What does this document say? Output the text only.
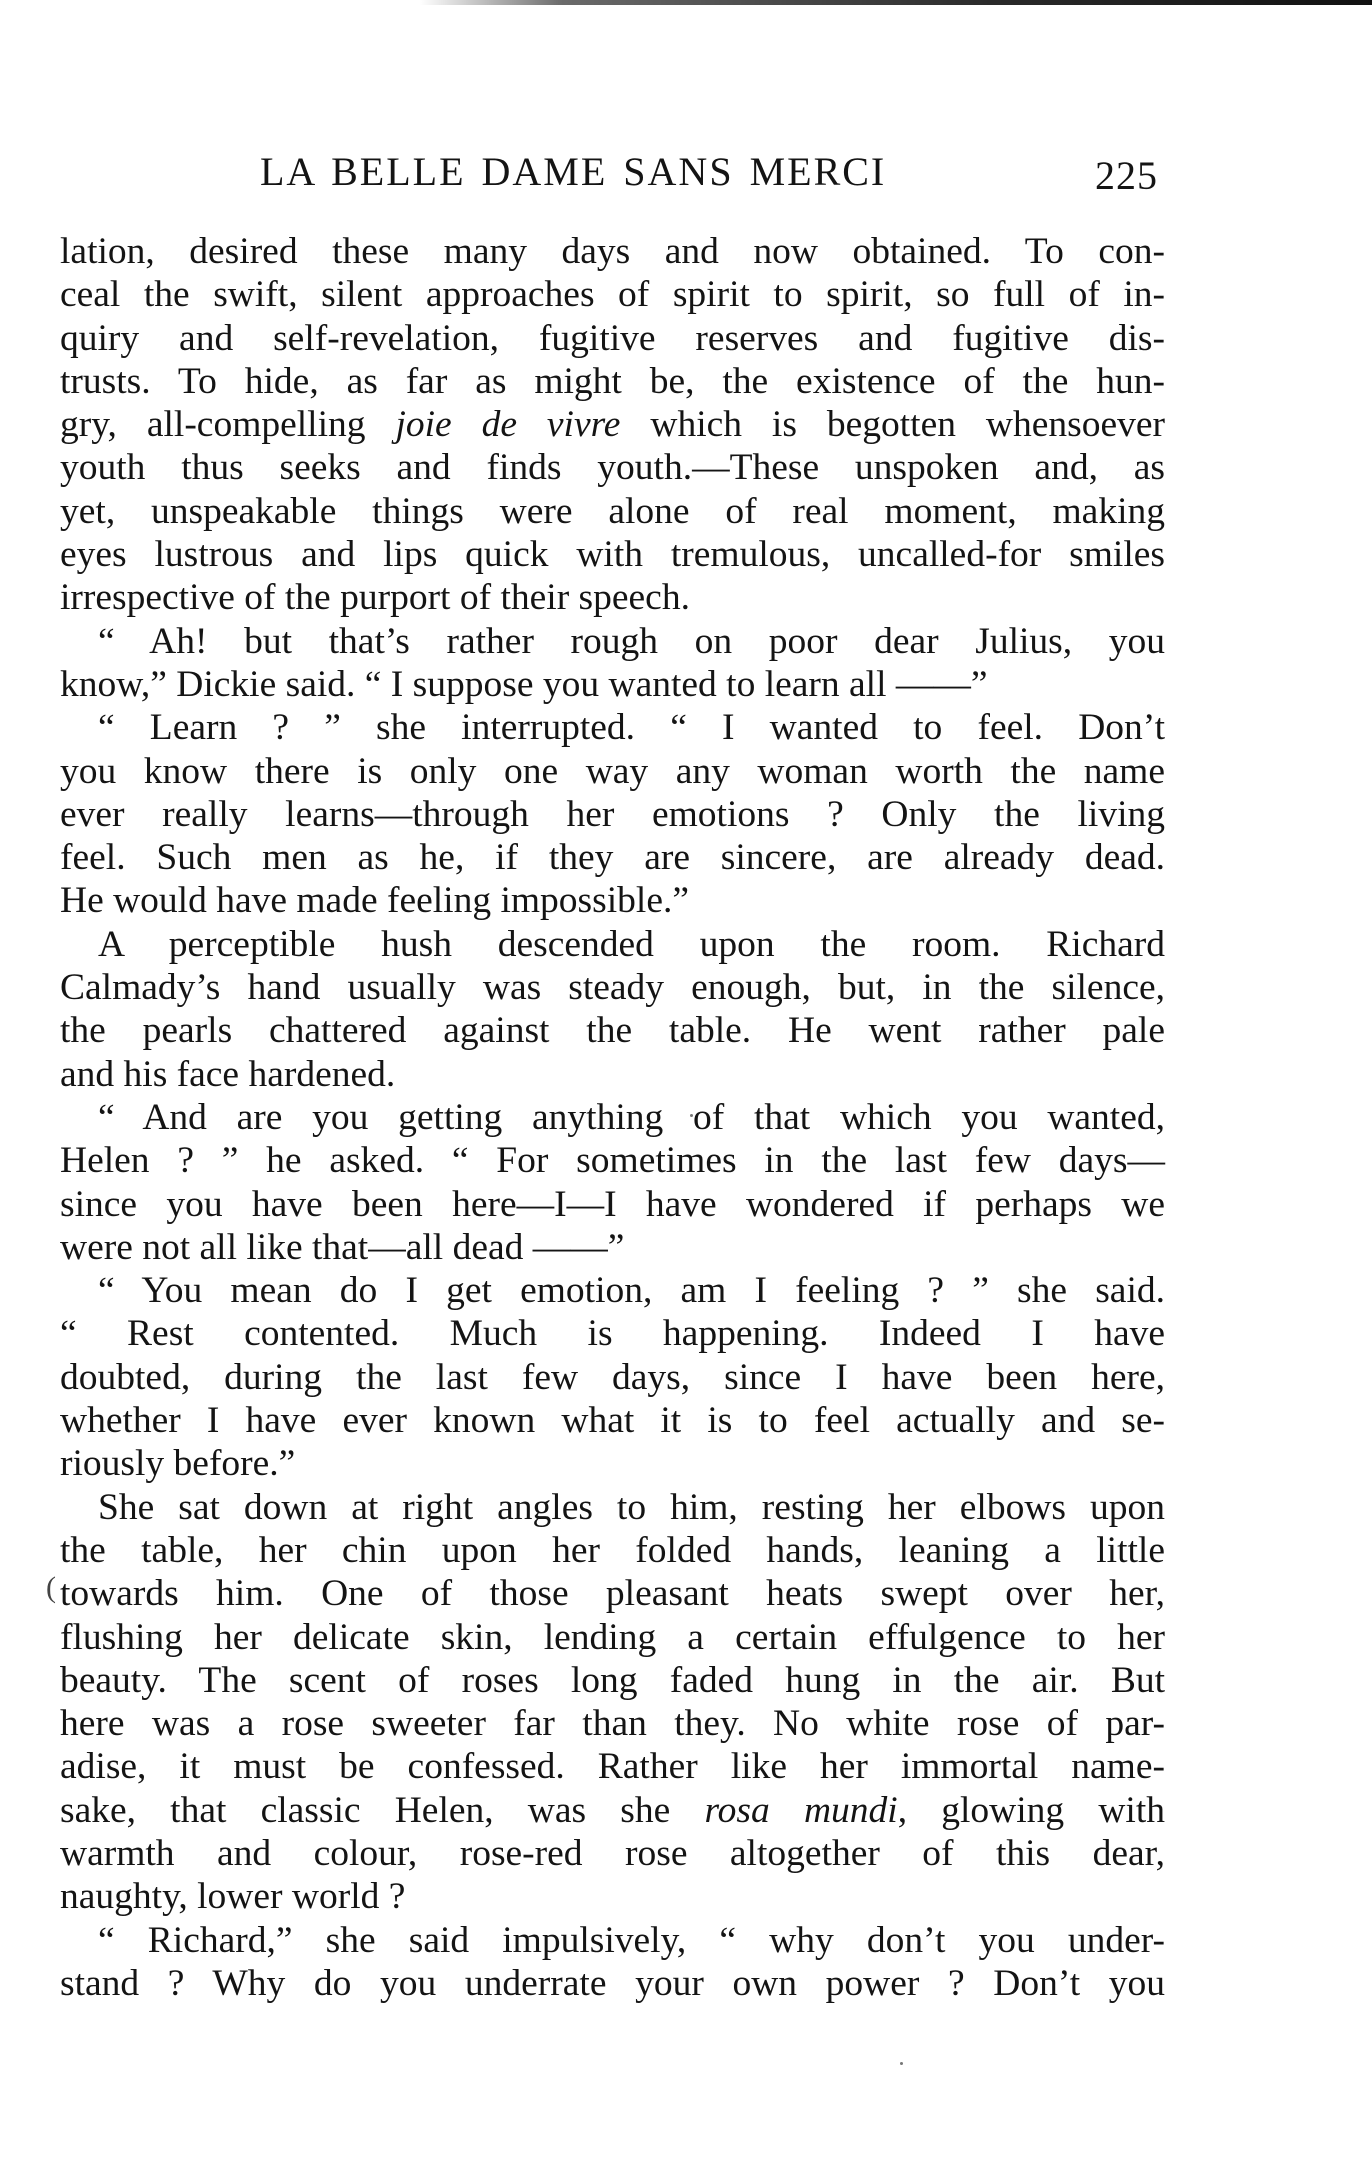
LA BELLE DAME SANS MERCI	225
(
lation, desired these many days and now obtained. To con-
ceal the swift, silent approaches of spirit to spirit, so full of in-
quiry and self-revelation, fugitive reserves and fugitive dis-
trusts. To hide, as far as might be, the existence of the hun-
gry, all-compelling joie de vivre which is begotten whensoever
youth thus seeks and finds youth.—These unspoken and, as
yet, unspeakable things were alone of real moment, making
eyes lustrous and lips quick with tremulous, uncalled-for smiles
irrespective of the purport of their speech.
“ Ah! but that’s rather rough on poor dear Julius, you
know,” Dickie said. “ I suppose you wanted to learn all ——”
“ Learn ? ” she interrupted. “ I wanted to feel. Don’t
you know there is only one way any woman worth the name
ever really learns—through her emotions ? Only the living
feel. Such men as he, if they are sincere, are already dead.
He would have made feeling impossible.”
A perceptible hush descended upon the room. Richard
Calmady’s hand usually was steady enough, but, in the silence,
the pearls chattered against the table. He went rather pale
and his face hardened.
“ And are you getting anything of that which you wanted,
Helen ? ” he asked. “ For sometimes in the last few days—
since you have been here—I—I have wondered if perhaps we
were not all like that—all dead ——”
“ You mean do I get emotion, am I feeling ? ” she said.
“ Rest contented. Much is happening. Indeed I have
doubted, during the last few days, since I have been here,
whether I have ever known what it is to feel actually and se-
riously before.”
She sat down at right angles to him, resting her elbows upon
the table, her chin upon her folded hands, leaning a little
towards him. One of those pleasant heats swept over her,
flushing her delicate skin, lending a certain effulgence to her
beauty. The scent of roses long faded hung in the air. But
here was a rose sweeter far than they. No white rose of par-
adise, it must be confessed. Rather like her immortal name-
sake, that classic Helen, was she rosa mundi, glowing with
warmth and colour, rose-red rose altogether of this dear,
naughty, lower world ?
“ Richard,” she said impulsively, “ why don’t you under-
stand ? Why do you underrate your own power ? Don’t you
